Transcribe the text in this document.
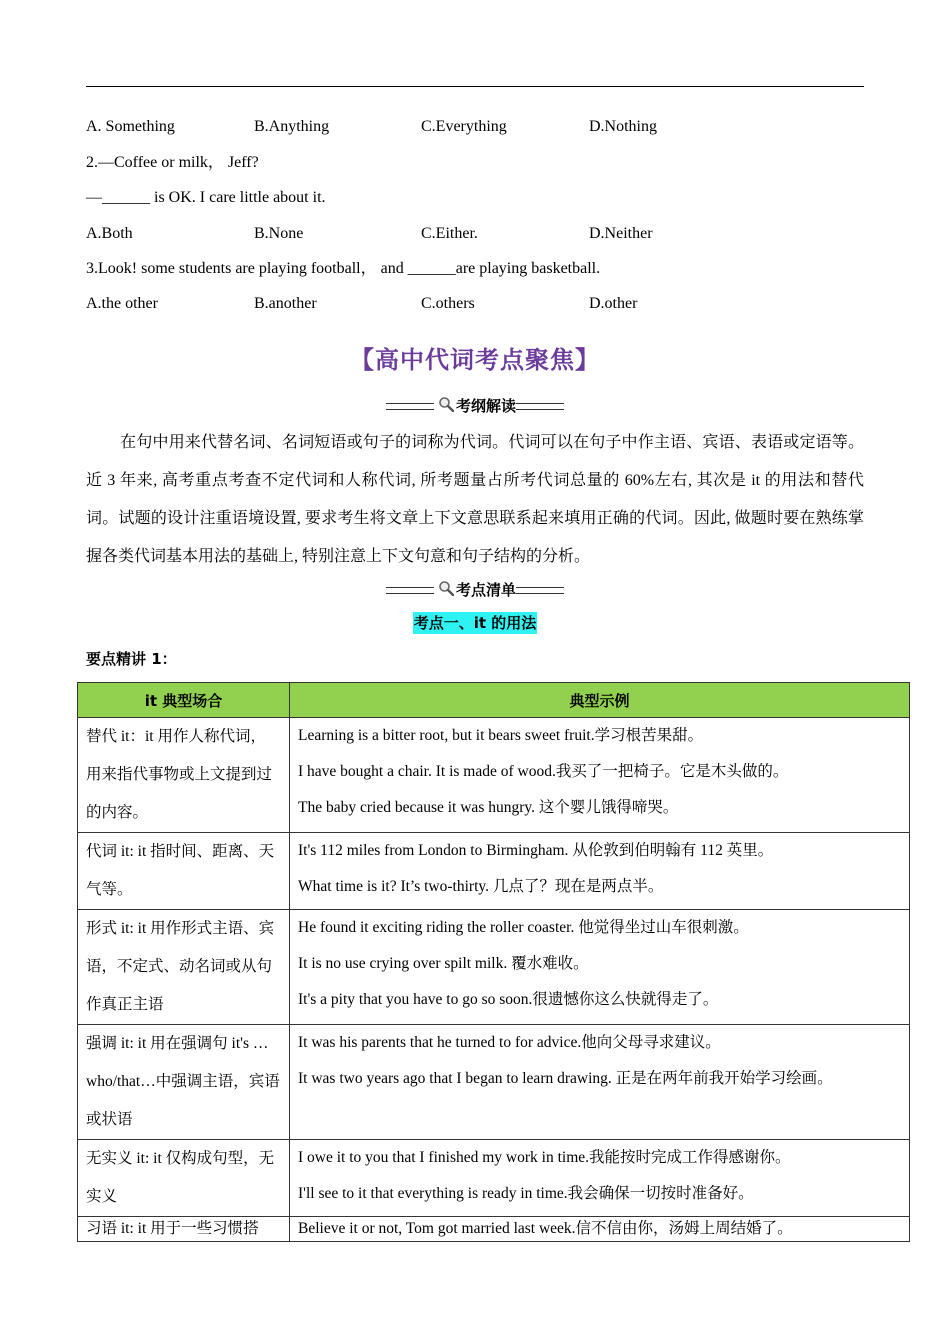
A. Something	B.Anything	C.Everything	D.Nothing
2.—Coffee or milk， Jeff?
—______ is OK. I care little about it.
A.Both	B.None	C.Either.	D.Neither
3.Look! some students are playing football， and ______are playing basketball.
A.the other	B.another	C.others	D.other
【高中代词考点聚焦】
考纲解读
在句中用来代替名词、名词短语或句子的词称为代词。代词可以在句子中作主语、宾语、表语或定语等。近 3 年来, 高考重点考查不定代词和人称代词, 所考题量占所考代词总量的 60%左右, 其次是 it 的用法和替代词。试题的设计注重语境设置, 要求考生将文章上下文意思联系起来填用正确的代词。因此, 做题时要在熟练掌握各类代词基本用法的基础上, 特别注意上下文句意和句子结构的分析。
考点清单
考点一、it 的用法
要点精讲 1：
it 典型场合	典型示例
替代 it：it 用作人称代词，用来指代事物或上文提到过的内容。	Learning is a bitter root, but it bears sweet fruit.学习根苦果甜。
I have bought a chair. It is made of wood.我买了一把椅子。它是木头做的。
The baby cried because it was hungry. 这个婴儿饿得啼哭。

代词 it: it 指时间、距离、天气等。	It's 112 miles from London to Birmingham. 从伦敦到伯明翰有 112 英里。
What time is it? It’s two-thirty. 几点了？现在是两点半。

形式 it: it 用作形式主语、宾语，不定式、动名词或从句作真正主语	He found it exciting riding the roller coaster. 他觉得坐过山车很刺激。
It is no use crying over spilt milk. 覆水难收。
It's a pity that you have to go so soon.很遗憾你这么快就得走了。

强调 it: it 用在强调句 it's … who/that…中强调主语，宾语或状语	It was his parents that he turned to for advice.他向父母寻求建议。
It was two years ago that I began to learn drawing. 正是在两年前我开始学习绘画。

无实义 it: it 仅构成句型，无实义	I owe it to you that I finished my work in time.我能按时完成工作得感谢你。
I'll see to it that everything is ready in time.我会确保一切按时准备好。

习语 it: it 用于一些习惯搭	Believe it or not, Tom got married last week.信不信由你，汤姆上周结婚了。
